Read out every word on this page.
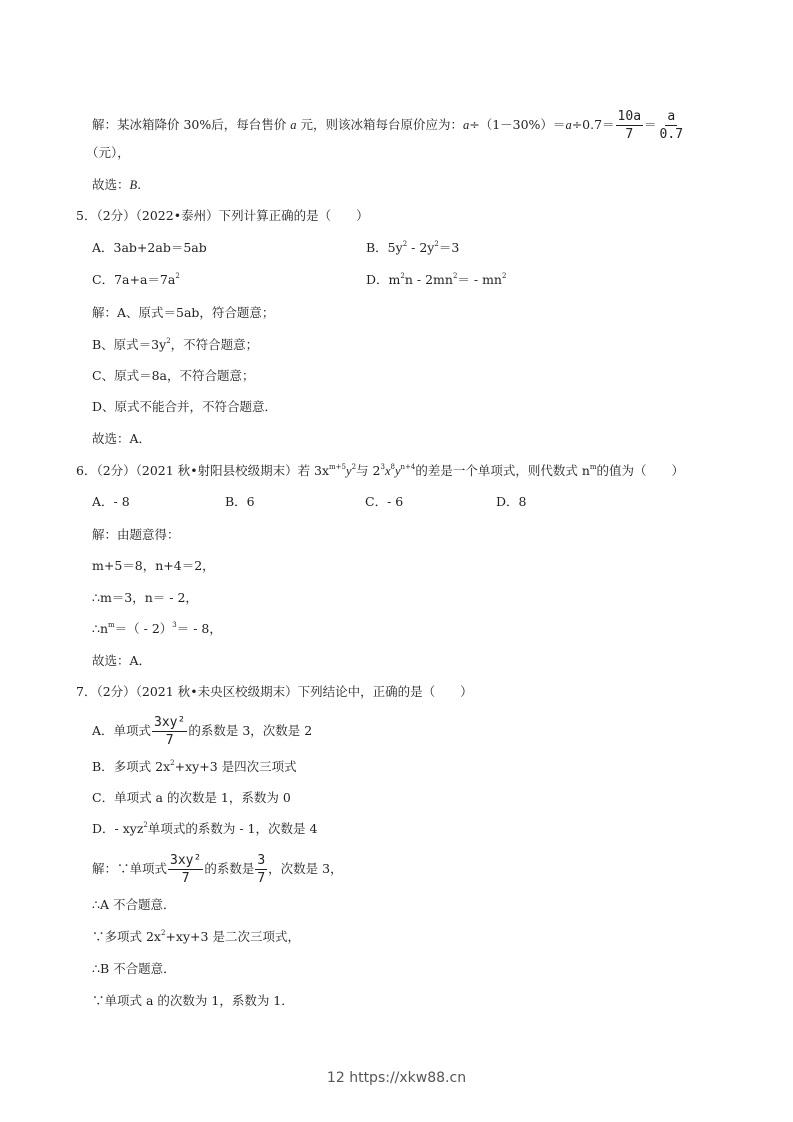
解：某冰箱降价 30%后，每台售价 a 元，则该冰箱每台原价应为：$a\div(1-30\%)=a\div 0.7= \frac{10a}{7} = \frac{a}{0.7}$
（元），
故选：B.
5．（2分）（2022•泰州）下列计算正确的是（　　）
A．3ab+2ab＝5ab	B．$5y^2 - 2y^2=3$
C．$7a+a=7a^2$	D．$m^2n - 2mn^2= - mn^2$
解：A、原式＝5ab，符合题意；
B、原式$=3y^2$，不符合题意；
C、原式＝8a，不符合题意；
D、原式不能合并，不符合题意．
故选：A．
6．（2分）（2021 秋•射阳县校级期末）若 $3x^{m+5}y^2$与 $2^3x^8y^{n+4}$的差是一个单项式，则代数式 $n^m$的值为（　　）
A．- 8	B．6	C．- 6	D．8
解：由题意得：
m+5＝8，n+4＝2，
∴m＝3，n＝ - 2，
$\therefore n^m=( - 2)^3= - 8$，
故选：A．
7．（2分）（2021 秋•未央区校级期末）下列结论中，正确的是（　　）
A．单项式 $\frac{\text{3xy²}}{7}$ 的系数是 3，次数是 2
B．多项式 $2x^2+xy+3$ 是四次三项式
C．单项式 a 的次数是 1，系数为 0
D．- xyz$^2$单项式的系数为 - 1，次数是 4
解：∵单项式 $\frac{\text{3xy²}}{7}$ 的系数是 $\frac{3}{7}$ ，次数是 3，
∴A 不合题意．
∵多项式 $2x^2+xy+3$ 是二次三项式，
∴B 不合题意．
∵单项式 a 的次数为 1，系数为 1．
12 https://xkw88.cn
